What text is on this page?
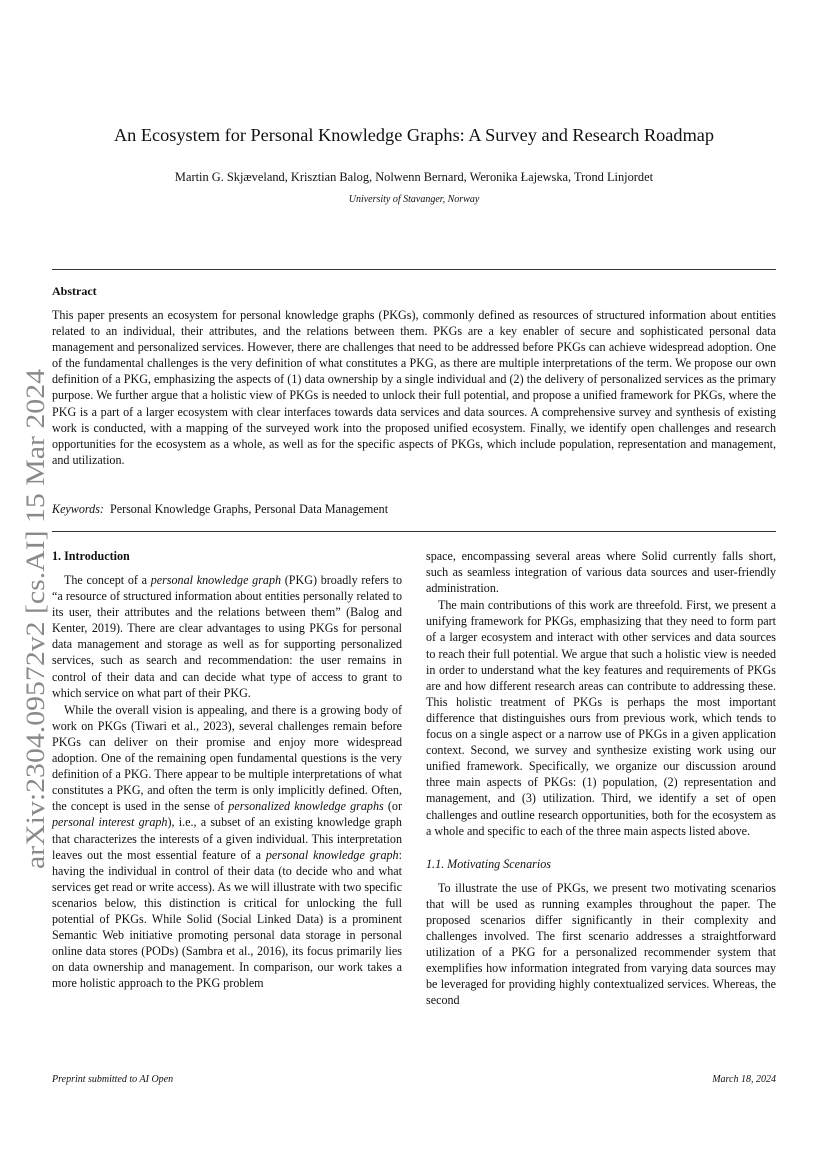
arXiv:2304.09572v2 [cs.AI] 15 Mar 2024
An Ecosystem for Personal Knowledge Graphs: A Survey and Research Roadmap
Martin G. Skjæveland, Krisztian Balog, Nolwenn Bernard, Weronika Łajewska, Trond Linjordet
University of Stavanger, Norway
Abstract

This paper presents an ecosystem for personal knowledge graphs (PKGs), commonly defined as resources of structured information about entities related to an individual, their attributes, and the relations between them. PKGs are a key enabler of secure and sophisticated personal data management and personalized services. However, there are challenges that need to be addressed before PKGs can achieve widespread adoption. One of the fundamental challenges is the very definition of what constitutes a PKG, as there are multiple interpretations of the term. We propose our own definition of a PKG, emphasizing the aspects of (1) data ownership by a single individual and (2) the delivery of personalized services as the primary purpose. We further argue that a holistic view of PKGs is needed to unlock their full potential, and propose a unified framework for PKGs, where the PKG is a part of a larger ecosystem with clear interfaces towards data services and data sources. A comprehensive survey and synthesis of existing work is conducted, with a mapping of the surveyed work into the proposed unified ecosystem. Finally, we identify open challenges and research opportunities for the ecosystem as a whole, as well as for the specific aspects of PKGs, which include population, representation and management, and utilization.

Keywords: Personal Knowledge Graphs, Personal Data Management
1. Introduction

The concept of a personal knowledge graph (PKG) broadly refers to “a resource of structured information about entities personally related to its user, their attributes and the relations between them” (Balog and Kenter, 2019). There are clear advantages to using PKGs for personal data management and storage as well as for supporting personalized services, such as search and recommendation: the user remains in control of their data and can decide what type of access to grant to which service on what part of their PKG.

While the overall vision is appealing, and there is a growing body of work on PKGs (Tiwari et al., 2023), several challenges remain before PKGs can deliver on their promise and enjoy more widespread adoption. One of the remaining open fundamental questions is the very definition of a PKG. There appear to be multiple interpretations of what constitutes a PKG, and often the term is only implicitly defined. Often, the concept is used in the sense of personalized knowledge graphs (or personal interest graph), i.e., a subset of an existing knowledge graph that characterizes the interests of a given individual. This interpretation leaves out the most essential feature of a personal knowledge graph: having the individual in control of their data (to decide who and what services get read or write access). As we will illustrate with two specific scenarios below, this distinction is critical for unlocking the full potential of PKGs. While Solid (Social Linked Data) is a prominent Semantic Web initiative promoting personal data storage in personal online data stores (PODs) (Sambra et al., 2016), its focus primarily lies on data ownership and management. In comparison, our work takes a more holistic approach to the PKG problem

space, encompassing several areas where Solid currently falls short, such as seamless integration of various data sources and user-friendly administration.

The main contributions of this work are threefold. First, we present a unifying framework for PKGs, emphasizing that they need to form part of a larger ecosystem and interact with other services and data sources to reach their full potential. We argue that such a holistic view is needed in order to understand what the key features and requirements of PKGs are and how different research areas can contribute to addressing these. This holistic treatment of PKGs is perhaps the most important difference that distinguishes ours from previous work, which tends to focus on a single aspect or a narrow use of PKGs in a given application context. Second, we survey and synthesize existing work using our unified framework. Specifically, we organize our discussion around three main aspects of PKGs: (1) population, (2) representation and management, and (3) utilization. Third, we identify a set of open challenges and outline research opportunities, both for the ecosystem as a whole and specific to each of the three main aspects listed above.

1.1. Motivating Scenarios

To illustrate the use of PKGs, we present two motivating scenarios that will be used as running examples throughout the paper. The proposed scenarios differ significantly in their complexity and challenges involved. The first scenario addresses a straightforward utilization of a PKG for a personalized recommender system that exemplifies how information integrated from varying data sources may be leveraged for providing highly contextualized services. Whereas, the second

Preprint submitted to AI Open	March 18, 2024
